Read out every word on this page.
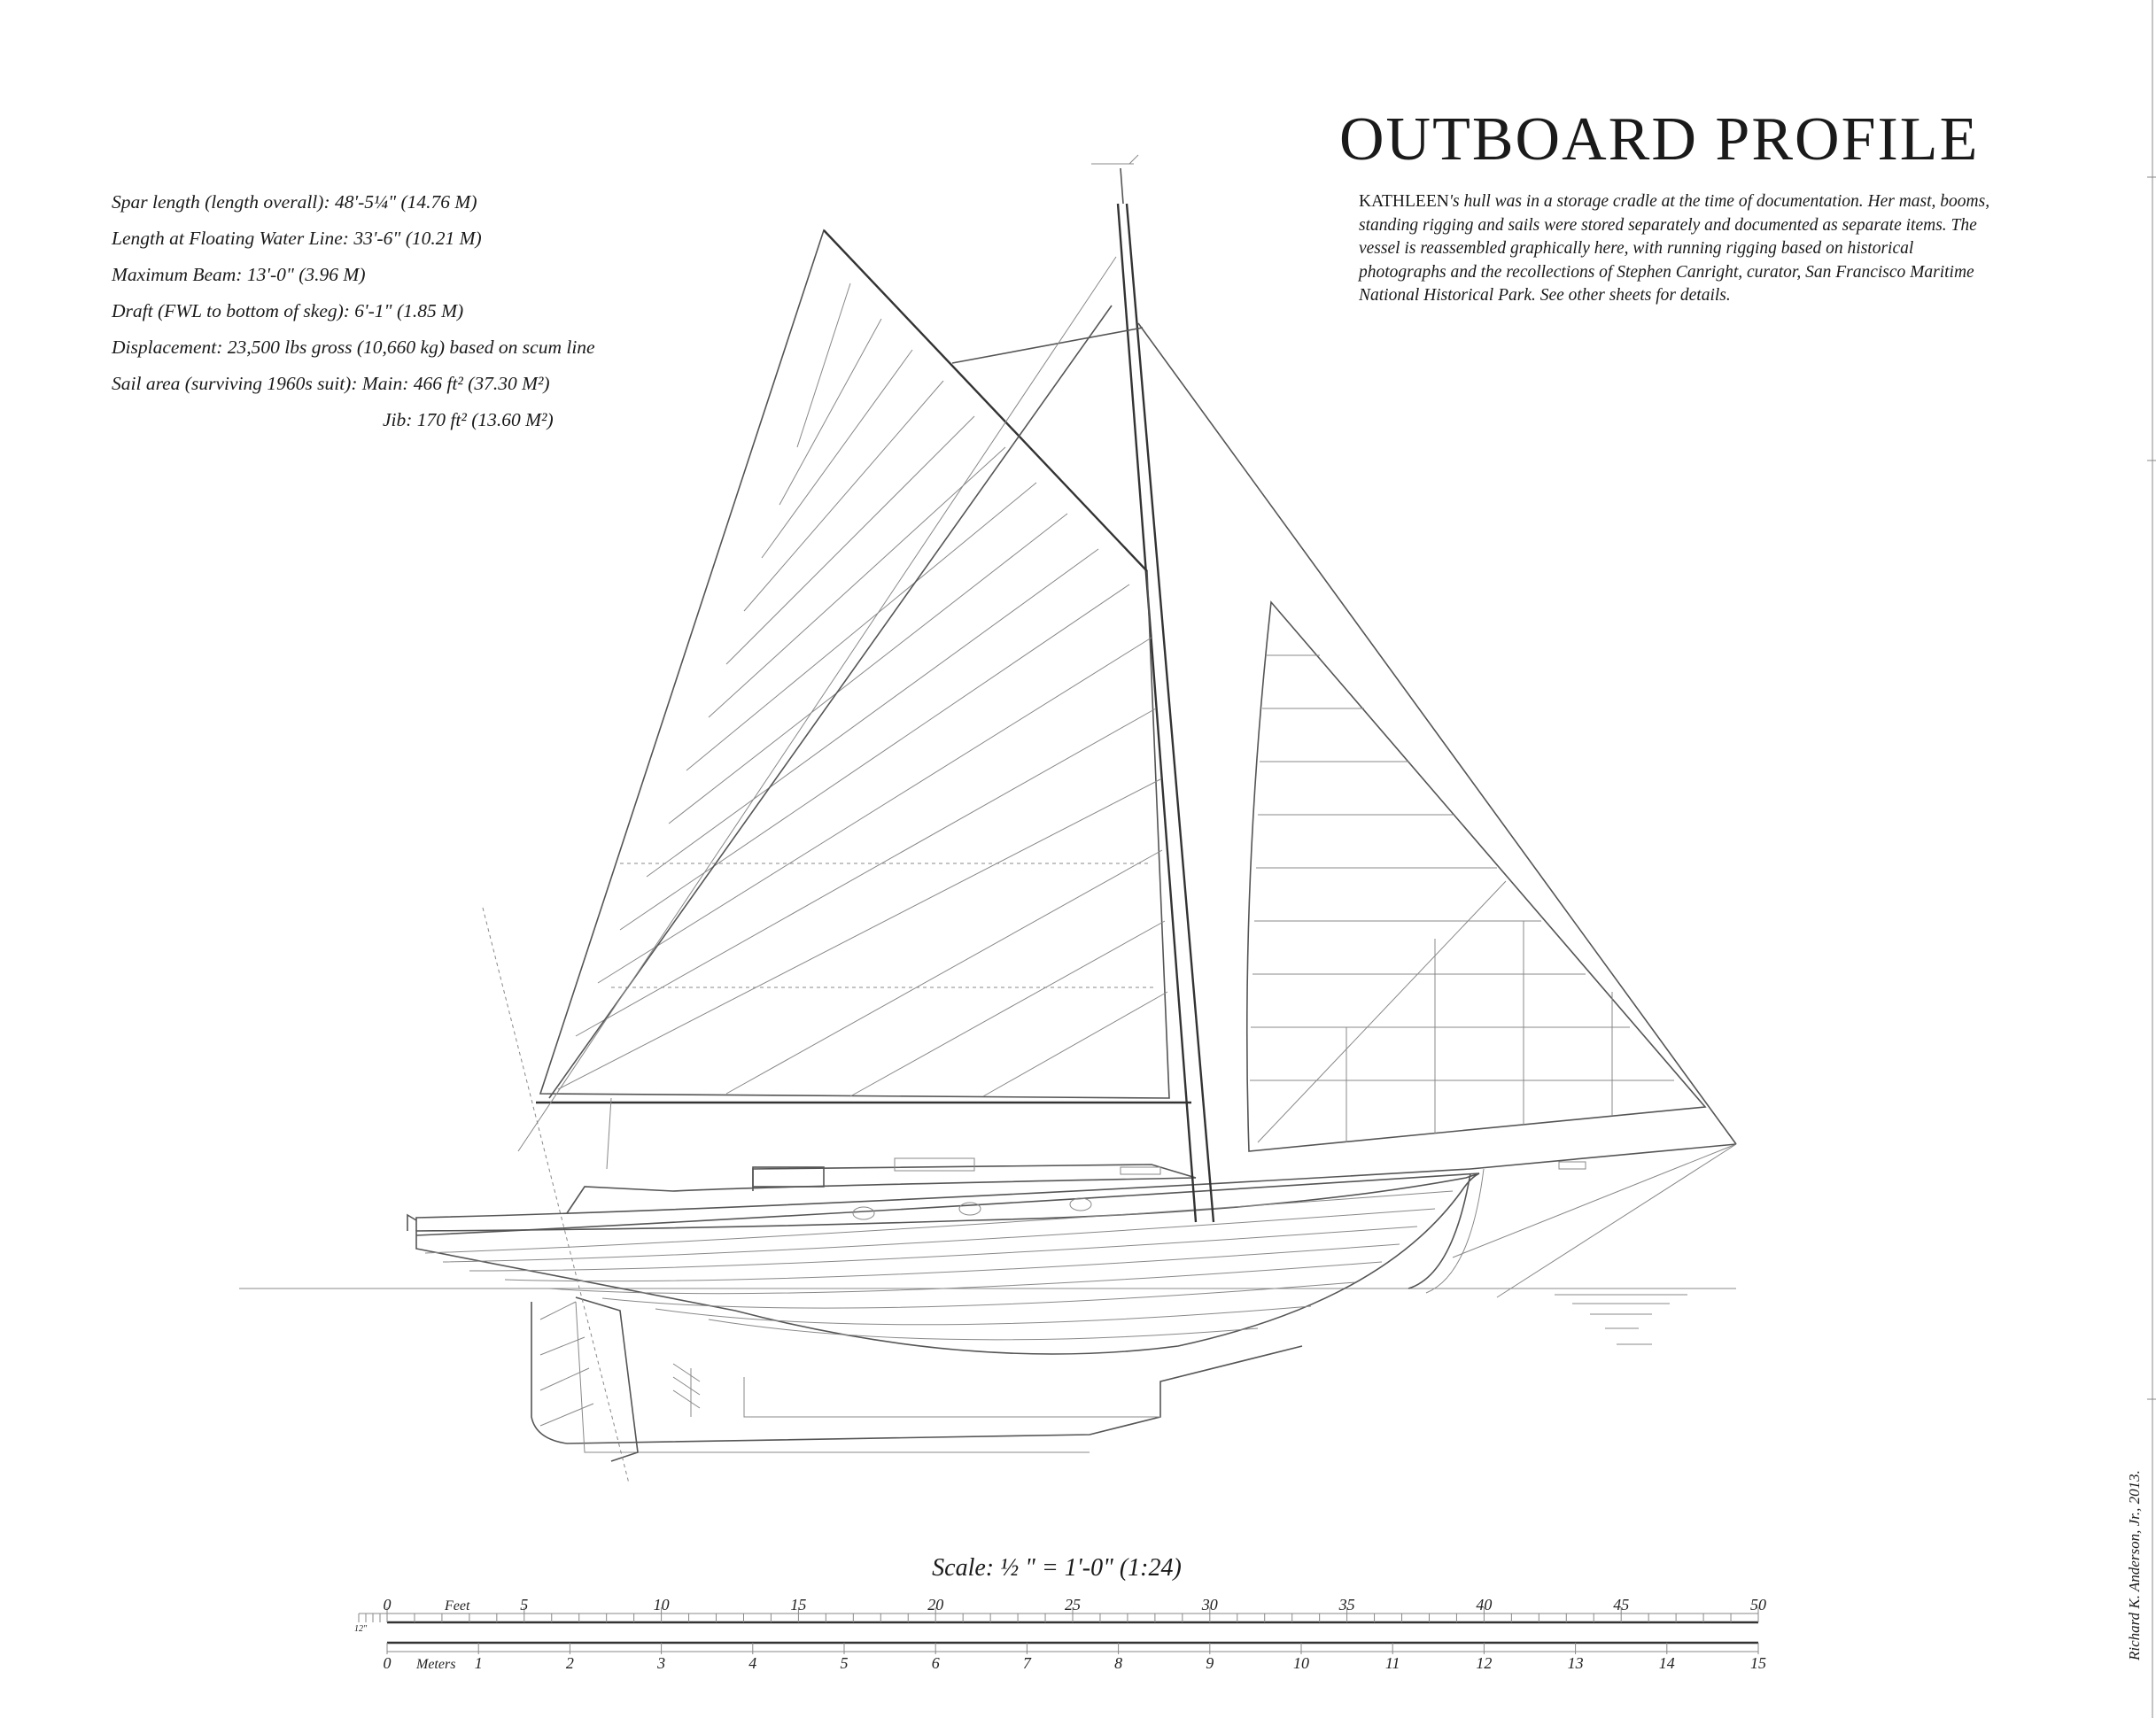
0	5	10	15	20	25	30	35	40	45	50
0	1	2	3	4	5	6	7	8	9	10	11	12	13	14	15
Feet
Meters
12"
OUTBOARD PROFILE
KATHLEEN's hull was in a storage cradle at the time of documentation. Her mast, booms, standing rigging and sails were stored separately and documented as separate items. The vessel is reassembled graphically here, with running rigging based on historical photographs and the recollections of Stephen Canright, curator, San Francisco Maritime National Historical Park. See other sheets for details.
Spar length (length overall): 48'-5¼" (14.76 M)
Length at Floating Water Line: 33'-6" (10.21 M)
Maximum Beam: 13'-0" (3.96 M)
Draft (FWL to bottom of skeg): 6'-1" (1.85 M)
Displacement: 23,500 lbs gross (10,660 kg) based on scum line
Sail area (surviving 1960s suit): Main: 466 ft² (37.30 M²)
Jib: 170 ft² (13.60 M²)
Scale: ½ " = 1'-0" (1:24)	Richard K. Anderson, Jr., 2013.
